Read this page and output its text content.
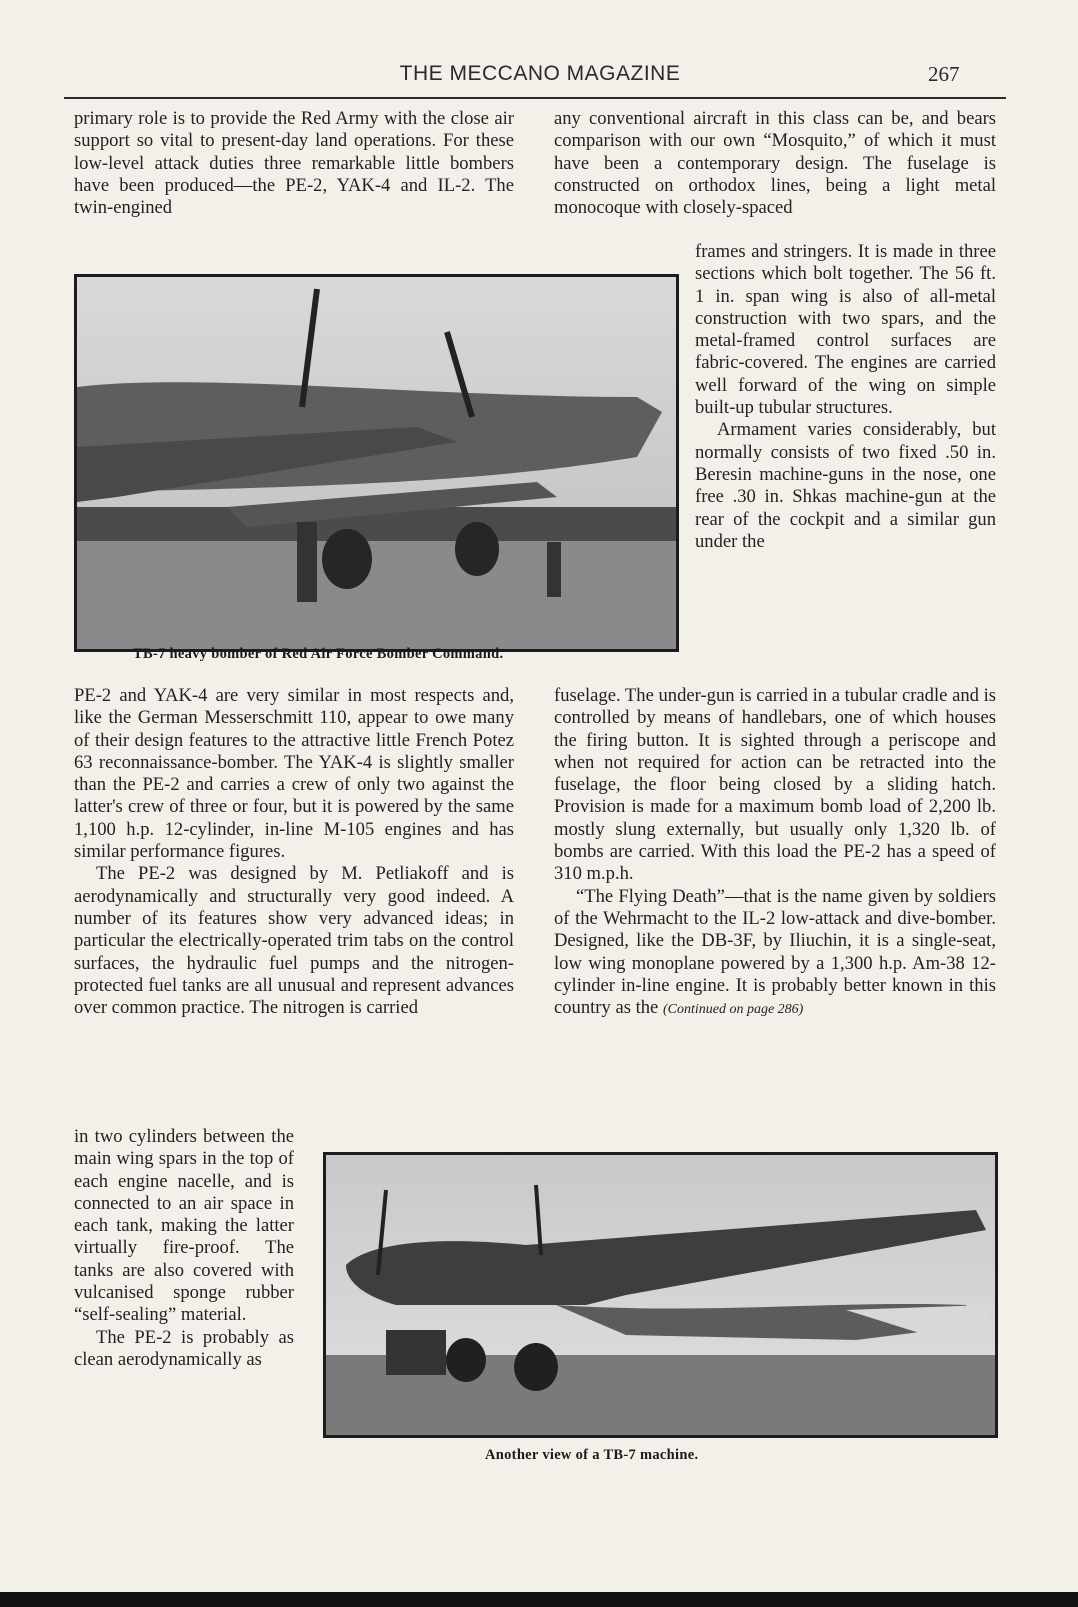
THE MECCANO MAGAZINE	267

primary role is to provide the Red Army with the close air support so vital to present-day land operations. For these low-level attack duties three remarkable little bombers have been produced—the PE-2, YAK-4 and IL-2. The twin-engined

any conventional aircraft in this class can be, and bears comparison with our own “Mosquito,” of which it must have been a contemporary design. The fuselage is constructed on orthodox lines, being a light metal monocoque with closely-spaced

TB-7 heavy bomber of Red Air Force Bomber Command.

frames and stringers. It is made in three sections which bolt together. The 56 ft. 1 in. span wing is also of all-metal construction with two spars, and the metal-framed control surfaces are fabric-covered. The engines are carried well forward of the wing on simple built-up tubular structures.

Armament varies considerably, but normally consists of two fixed .50 in. Beresin machine-guns in the nose, one free .30 in. Shkas machine-gun at the rear of the cockpit and a similar gun under the

PE-2 and YAK-4 are very similar in most respects and, like the German Messerschmitt 110, appear to owe many of their design features to the attractive little French Potez 63 reconnaissance-bomber. The YAK-4 is slightly smaller than the PE-2 and carries a crew of only two against the latter's crew of three or four, but it is powered by the same 1,100 h.p. 12-cylinder, in-line M-105 engines and has similar performance figures.

The PE-2 was designed by M. Petliakoff and is aerodynamically and structurally very good indeed. A number of its features show very advanced ideas; in particular the electrically-operated trim tabs on the control surfaces, the hydraulic fuel pumps and the nitrogen-protected fuel tanks are all unusual and represent advances over common practice. The nitrogen is carried

fuselage. The under-gun is carried in a tubular cradle and is controlled by means of handlebars, one of which houses the firing button. It is sighted through a periscope and when not required for action can be retracted into the fuselage, the floor being closed by a sliding hatch. Provision is made for a maximum bomb load of 2,200 lb. mostly slung externally, but usually only 1,320 lb. of bombs are carried. With this load the PE-2 has a speed of 310 m.p.h.

“The Flying Death”—that is the name given by soldiers of the Wehrmacht to the IL-2 low-attack and dive-bomber. Designed, like the DB-3F, by Iliuchin, it is a single-seat, low wing monoplane powered by a 1,300 h.p. Am-38 12-cylinder in-line engine. It is probably better known in this country as the (Continued on page 286)

in two cylinders between the main wing spars in the top of each engine nacelle, and is connected to an air space in each tank, making the latter virtually fire-proof. The tanks are also covered with vulcanised sponge rubber “self-sealing” material.

The PE-2 is probably as clean aerodynamically as

Another view of a TB-7 machine.
